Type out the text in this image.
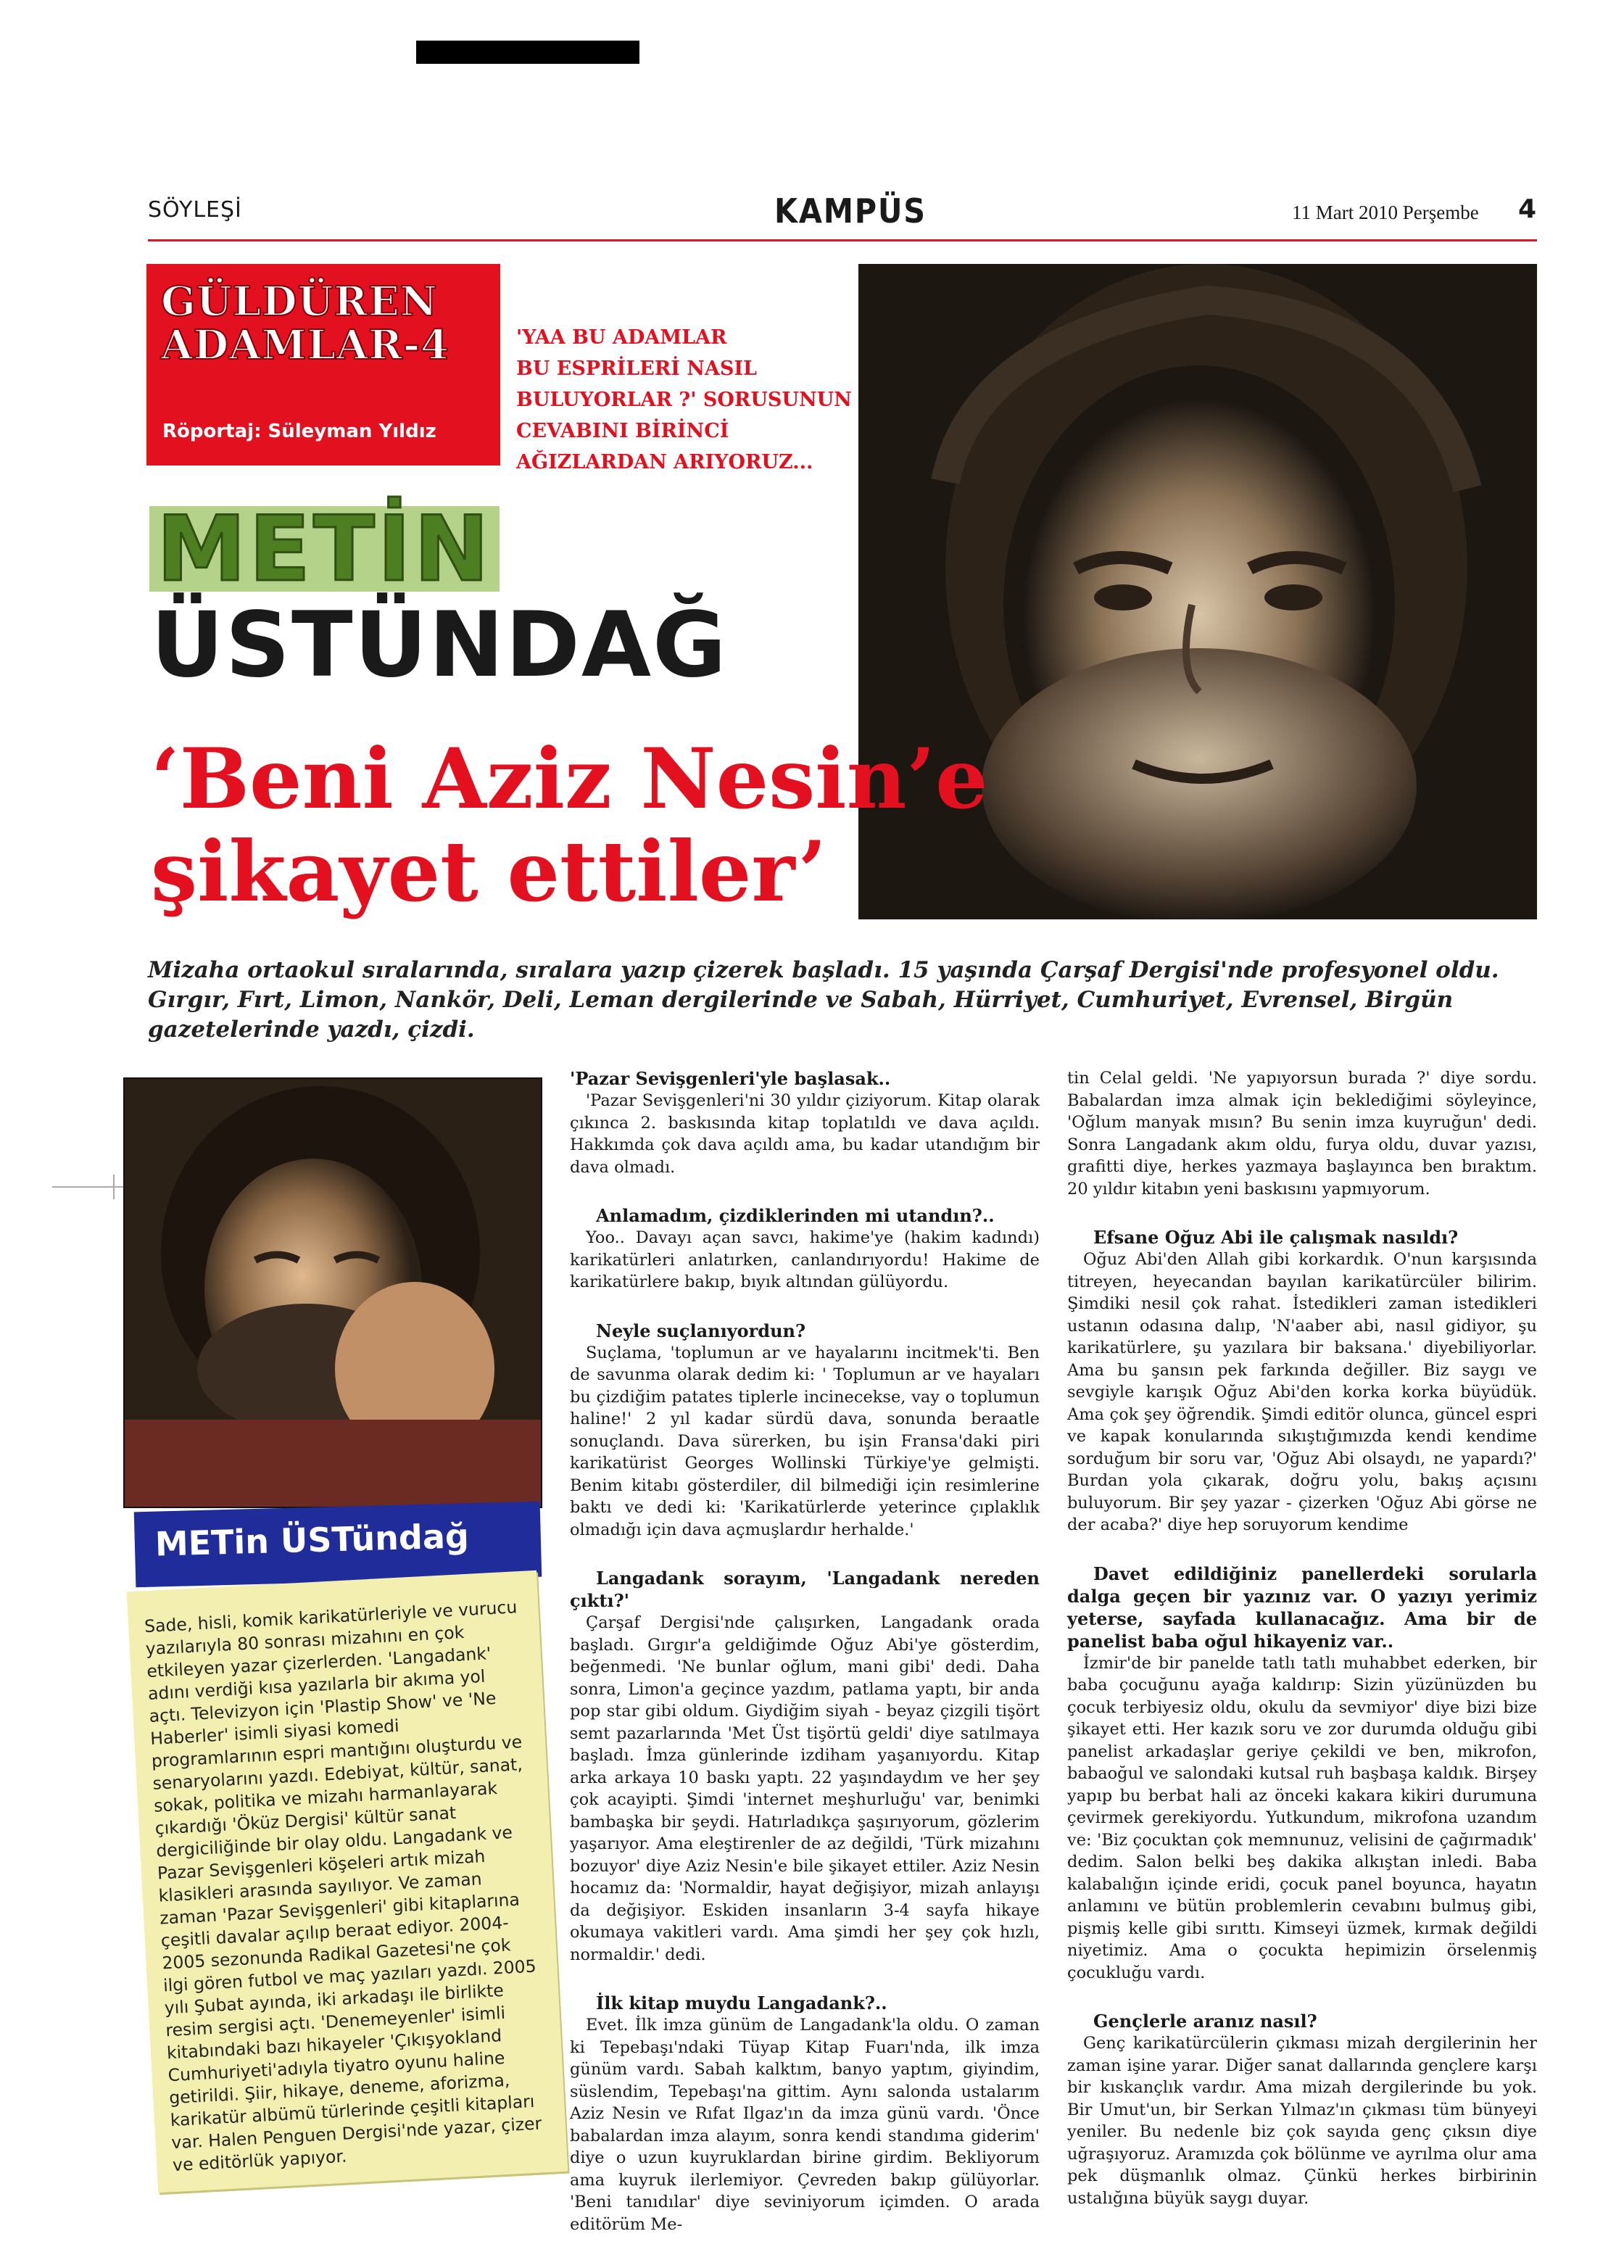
SÖYLEŞİ	KAMPÜS	11 Mart 2010 Perşembe 4
GÜLDÜREN
ADAMLAR-4
Röportaj: Süleyman Yıldız
'YAA BU ADAMLAR
BU ESPRİLERİ NASIL
BULUYORLAR ?' SORUSUNUN
CEVABINI BİRİNCİ
AĞIZLARDAN ARIYORUZ...
METİN
ÜSTÜNDAĞ
‘Beni Aziz Nesin’e
şikayet ettiler’
Mizaha ortaokul sıralarında, sıralara yazıp çizerek başladı. 15 yaşında Çarşaf Dergisi'nde profesyonel oldu. Gırgır, Fırt, Limon, Nankör, Deli, Leman dergilerinde ve Sabah, Hürriyet, Cumhuriyet, Evrensel, Birgün gazetelerinde yazdı, çizdi.
METin ÜSTündağ
Sade, hisli, komik karikatürleriyle ve vurucu yazılarıyla 80 sonrası mizahını en çok etkileyen yazar çizerlerden. 'Langadank' adını verdiği kısa yazılarla bir akıma yol açtı. Televizyon için 'Plastip Show' ve 'Ne Haberler' isimli siyasi komedi programlarının espri mantığını oluşturdu ve senaryolarını yazdı. Edebiyat, kültür, sanat, sokak, politika ve mizahı harmanlayarak çıkardığı 'Öküz Dergisi' kültür sanat dergiciliğinde bir olay oldu. Langadank ve Pazar Sevişgenleri köşeleri artık mizah klasikleri arasında sayılıyor. Ve zaman zaman 'Pazar Sevişgenleri' gibi kitaplarına çeşitli davalar açılıp beraat ediyor. 2004- 2005 sezonunda Radikal Gazetesi'ne çok ilgi gören futbol ve maç yazıları yazdı. 2005 yılı Şubat ayında, iki arkadaşı ile birlikte resim sergisi açtı. 'Denemeyenler' isimli kitabındaki bazı hikayeler 'Çıkışyokland Cumhuriyeti'adıyla tiyatro oyunu haline getirildi. Şiir, hikaye, deneme, aforizma, karikatür albümü türlerinde çeşitli kitapları var. Halen Penguen Dergisi'nde yazar, çizer ve editörlük yapıyor.
'Pazar Sevişgenleri'yle başlasak..

'Pazar Sevişgenleri'ni 30 yıldır çiziyorum. Kitap olarak çıkınca 2. baskısında kitap toplatıldı ve dava açıldı. Hakkımda çok dava açıldı ama, bu kadar utandığım bir dava olmadı.

Anlamadım, çizdiklerinden mi utandın?..

Yoo.. Davayı açan savcı, hakime'ye (hakim kadındı) karikatürleri anlatırken, canlandırıyordu! Hakime de karikatürlere bakıp, bıyık altından gülüyordu.

Neyle suçlanıyordun?

Suçlama, 'toplumun ar ve hayalarını incitmek'ti. Ben de savunma olarak dedim ki: ' Toplumun ar ve hayaları bu çizdiğim patates tiplerle incinecekse, vay o toplumun haline!' 2 yıl kadar sürdü dava, sonunda beraatle sonuçlandı. Dava sürerken, bu işin Fransa'daki piri karikatürist Georges Wollinski Türkiye'ye gelmişti. Benim kitabı gösterdiler, dil bilmediği için resimlerine baktı ve dedi ki: 'Karikatürlerde yeterince çıplaklık olmadığı için dava açmuşlardır herhalde.'

Langadank sorayım, 'Langadank nereden çıktı?'

Çarşaf Dergisi'nde çalışırken, Langadank orada başladı. Gırgır'a geldiğimde Oğuz Abi'ye gösterdim, beğenmedi. 'Ne bunlar oğlum, mani gibi' dedi. Daha sonra, Limon'a geçince yazdım, patlama yaptı, bir anda pop star gibi oldum. Giydiğim siyah - beyaz çizgili tişört semt pazarlarında 'Met Üst tişörtü geldi' diye satılmaya başladı. İmza günlerinde izdiham yaşanıyordu. Kitap arka arkaya 10 baskı yaptı. 22 yaşındaydım ve her şey çok acayipti. Şimdi 'internet meşhurluğu' var, benimki bambaşka bir şeydi. Hatırladıkça şaşırıyorum, gözlerim yaşarıyor. Ama eleştirenler de az değildi, 'Türk mizahını bozuyor' diye Aziz Nesin'e bile şikayet ettiler. Aziz Nesin hocamız da: 'Normaldir, hayat değişiyor, mizah anlayışı da değişiyor. Eskiden insanların 3-4 sayfa hikaye okumaya vakitleri vardı. Ama şimdi her şey çok hızlı, normaldir.' dedi.

İlk kitap muydu Langadank?..

Evet. İlk imza günüm de Langadank'la oldu. O zaman ki Tepebaşı'ndaki Tüyap Kitap Fuarı'nda, ilk imza günüm vardı. Sabah kalktım, banyo yaptım, giyindim, süslendim, Tepebaşı'na gittim. Aynı salonda ustalarım Aziz Nesin ve Rıfat Ilgaz'ın da imza günü vardı. 'Önce babalardan imza alayım, sonra kendi standıma giderim' diye o uzun kuyruklardan birine girdim. Bekliyorum ama kuyruk ilerlemiyor. Çevreden bakıp gülüyorlar. 'Beni tanıdılar' diye seviniyorum içimden. O arada editörüm Me-

tin Celal geldi. 'Ne yapıyorsun burada ?' diye sordu. Babalardan imza almak için beklediğimi söyleyince, 'Oğlum manyak mısın? Bu senin imza kuyruğun' dedi. Sonra Langadank akım oldu, furya oldu, duvar yazısı, grafitti diye, herkes yazmaya başlayınca ben bıraktım. 20 yıldır kitabın yeni baskısını yapmıyorum.

Efsane Oğuz Abi ile çalışmak nasıldı?

Oğuz Abi'den Allah gibi korkardık. O'nun karşısında titreyen, heyecandan bayılan karikatürcüler bilirim. Şimdiki nesil çok rahat. İstedikleri zaman istedikleri ustanın odasına dalıp, 'N'aaber abi, nasıl gidiyor, şu karikatürlere, şu yazılara bir baksana.' diyebiliyorlar. Ama bu şansın pek farkında değiller. Biz saygı ve sevgiyle karışık Oğuz Abi'den korka korka büyüdük. Ama çok şey öğrendik. Şimdi editör olunca, güncel espri ve kapak konularında sıkıştığımızda kendi kendime sorduğum bir soru var, 'Oğuz Abi olsaydı, ne yapardı?' Burdan yola çıkarak, doğru yolu, bakış açısını buluyorum. Bir şey yazar - çizerken 'Oğuz Abi görse ne der acaba?' diye hep soruyorum kendime

Davet edildiğiniz panellerdeki sorularla dalga geçen bir yazınız var. O yazıyı yerimiz yeterse, sayfada kullanacağız. Ama bir de panelist baba oğul hikayeniz var..

İzmir'de bir panelde tatlı tatlı muhabbet ederken, bir baba çocuğunu ayağa kaldırıp: Sizin yüzünüzden bu çocuk terbiyesiz oldu, okulu da sevmiyor' diye bizi bize şikayet etti. Her kazık soru ve zor durumda olduğu gibi panelist arkadaşlar geriye çekildi ve ben, mikrofon, babaoğul ve salondaki kutsal ruh başbaşa kaldık. Birşey yapıp bu berbat hali az önceki kakara kikiri durumuna çevirmek gerekiyordu. Yutkundum, mikrofona uzandım ve: 'Biz çocuktan çok memnunuz, velisini de çağırmadık' dedim. Salon belki beş dakika alkıştan inledi. Baba kalabalığın içinde eridi, çocuk panel boyunca, hayatın anlamını ve bütün problemlerin cevabını bulmuş gibi, pişmiş kelle gibi sırıttı. Kimseyi üzmek, kırmak değildi niyetimiz. Ama o çocukta hepimizin örselenmiş çocukluğu vardı.

Gençlerle aranız nasıl?

Genç karikatürcülerin çıkması mizah dergilerinin her zaman işine yarar. Diğer sanat dallarında gençlere karşı bir kıskançlık vardır. Ama mizah dergilerinde bu yok. Bir Umut'un, bir Serkan Yılmaz'ın çıkması tüm bünyeyi yeniler. Bu nedenle biz çok sayıda genç çıksın diye uğraşıyoruz. Aramızda çok bölünme ve ayrılma olur ama pek düşmanlık olmaz. Çünkü herkes birbirinin ustalığına büyük saygı duyar.
